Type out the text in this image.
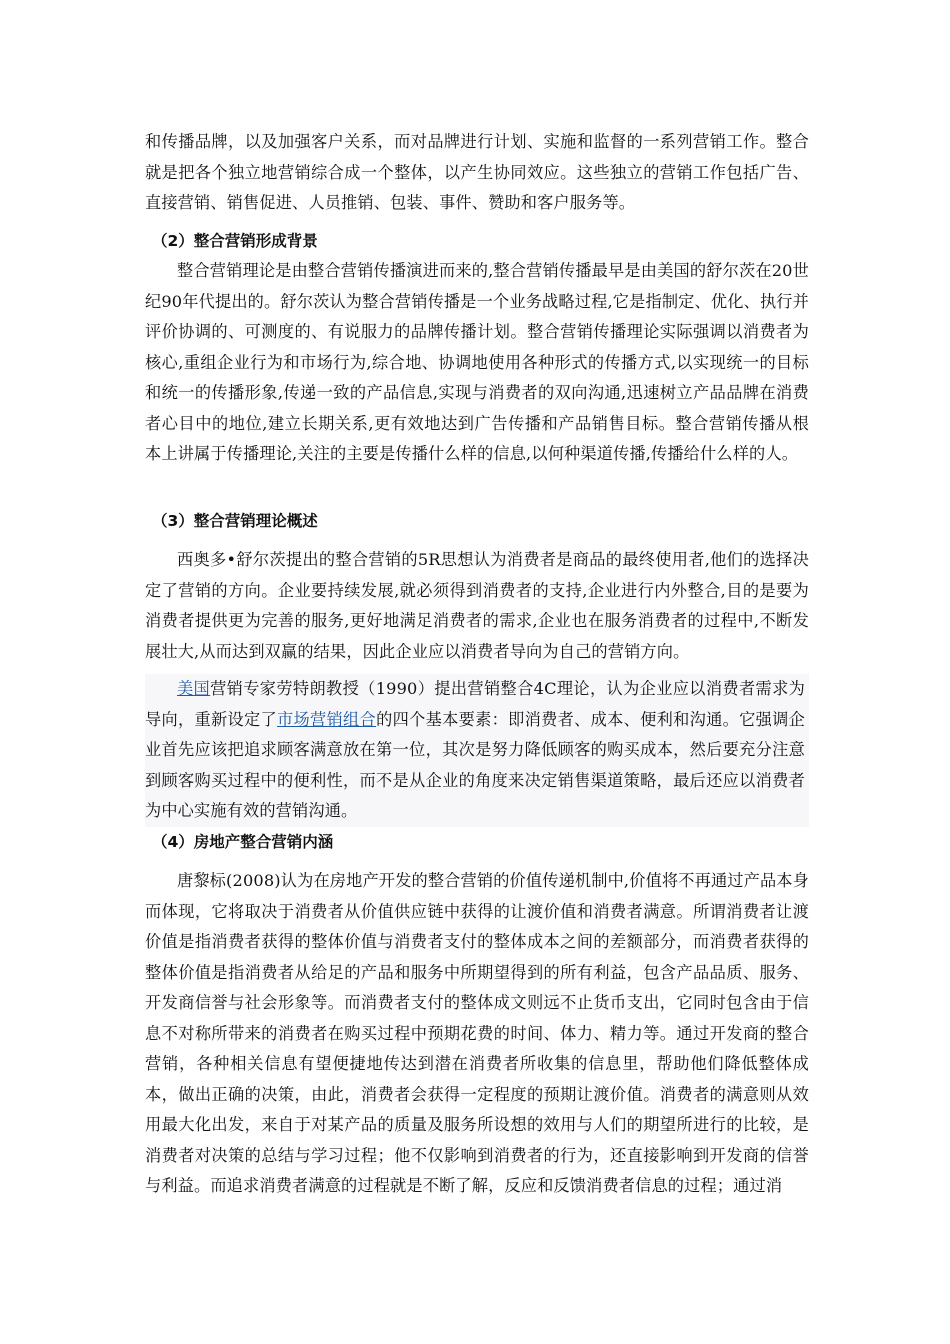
和传播品牌，以及加强客户关系，而对品牌进行计划、实施和监督的一系列营销工作。整合就是把各个独立地营销综合成一个整体，以产生协同效应。这些独立的营销工作包括广告、直接营销、销售促进、人员推销、包装、事件、赞助和客户服务等。
（2）整合营销形成背景
整合营销理论是由整合营销传播演进而来的,整合营销传播最早是由美国的舒尔茨在20世纪90年代提出的。舒尔茨认为整合营销传播是一个业务战略过程,它是指制定、优化、执行并评价协调的、可测度的、有说服力的品牌传播计划。整合营销传播理论实际强调以消费者为核心,重组企业行为和市场行为,综合地、协调地使用各种形式的传播方式,以实现统一的目标和统一的传播形象,传递一致的产品信息,实现与消费者的双向沟通,迅速树立产品品牌在消费者心目中的地位,建立长期关系,更有效地达到广告传播和产品销售目标。整合营销传播从根本上讲属于传播理论,关注的主要是传播什么样的信息,以何种渠道传播,传播给什么样的人。
（3）整合营销理论概述
西奥多•舒尔茨提出的整合营销的5R思想认为消费者是商品的最终使用者,他们的选择决定了营销的方向。企业要持续发展,就必须得到消费者的支持,企业进行内外整合,目的是要为消费者提供更为完善的服务,更好地满足消费者的需求,企业也在服务消费者的过程中,不断发展壮大,从而达到双赢的结果，因此企业应以消费者导向为自己的营销方向。
美国营销专家劳特朗教授（1990）提出营销整合4C理论，认为企业应以消费者需求为导向，重新设定了市场营销组合的四个基本要素：即消费者、成本、便利和沟通。它强调企业首先应该把追求顾客满意放在第一位，其次是努力降低顾客的购买成本，然后要充分注意到顾客购买过程中的便利性，而不是从企业的角度来决定销售渠道策略，最后还应以消费者为中心实施有效的营销沟通。
（4）房地产整合营销内涵
唐黎标(2008)认为在房地产开发的整合营销的价值传递机制中,价值将不再通过产品本身而体现，它将取决于消费者从价值供应链中获得的让渡价值和消费者满意。所谓消费者让渡价值是指消费者获得的整体价值与消费者支付的整体成本之间的差额部分，而消费者获得的整体价值是指消费者从给足的产品和服务中所期望得到的所有利益，包含产品品质、服务、开发商信誉与社会形象等。而消费者支付的整体成文则远不止货币支出，它同时包含由于信息不对称所带来的消费者在购买过程中预期花费的时间、体力、精力等。通过开发商的整合营销，各种相关信息有望便捷地传达到潜在消费者所收集的信息里，帮助他们降低整体成本，做出正确的决策，由此，消费者会获得一定程度的预期让渡价值。消费者的满意则从效用最大化出发，来自于对某产品的质量及服务所设想的效用与人们的期望所进行的比较，是消费者对决策的总结与学习过程；他不仅影响到消费者的行为，还直接影响到开发商的信誉与利益。而追求消费者满意的过程就是不断了解，反应和反馈消费者信息的过程；通过消
